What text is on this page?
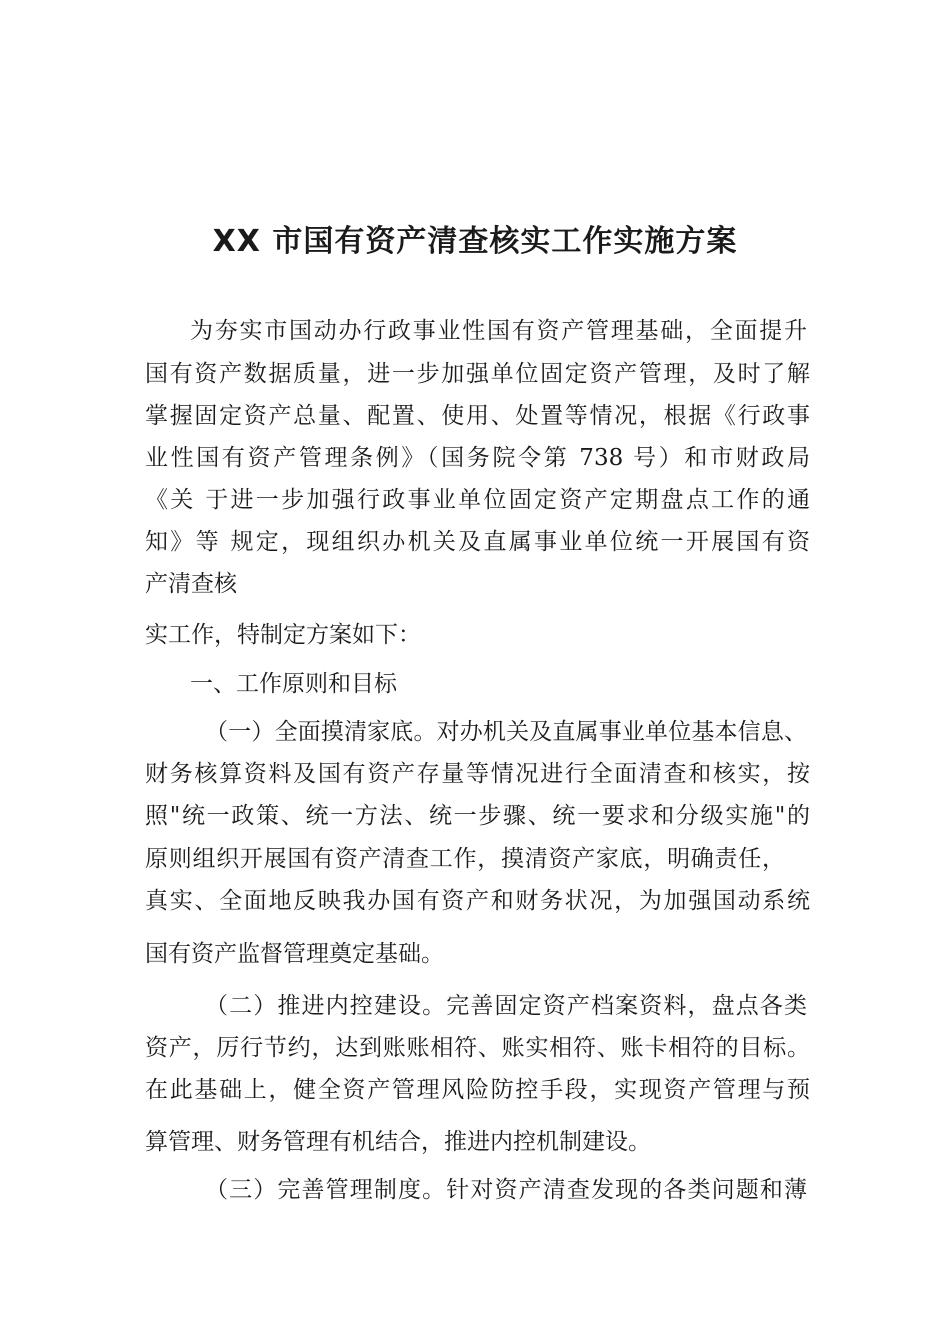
XX 市国有资产清查核实工作实施方案

为夯实市国动办行政事业性国有资产管理基础，全面提升

国有资产数据质量，进一步加强单位固定资产管理，及时了解

掌握固定资产总量、配置、使用、处置等情况，根据《行政事

业性国有资产管理条例》（国务院令第 738 号）和市财政局

《关 于进一步加强行政事业单位固定资产定期盘点工作的通

知》等 规定，现组织办机关及直属事业单位统一开展国有资

产清查核

实工作，特制定方案如下：

一、工作原则和目标

（一）全面摸清家底。对办机关及直属事业单位基本信息、

财务核算资料及国有资产存量等情况进行全面清查和核实，按

照"统一政策、统一方法、统一步骤、统一要求和分级实施"的

原则组织开展国有资产清查工作，摸清资产家底，明确责任，

真实、全面地反映我办国有资产和财务状况，为加强国动系统

国有资产监督管理奠定基础。

（二）推进内控建设。完善固定资产档案资料，盘点各类

资产，厉行节约，达到账账相符、账实相符、账卡相符的目标。

在此基础上，健全资产管理风险防控手段，实现资产管理与预

算管理、财务管理有机结合，推进内控机制建设。

（三）完善管理制度。针对资产清查发现的各类问题和薄
